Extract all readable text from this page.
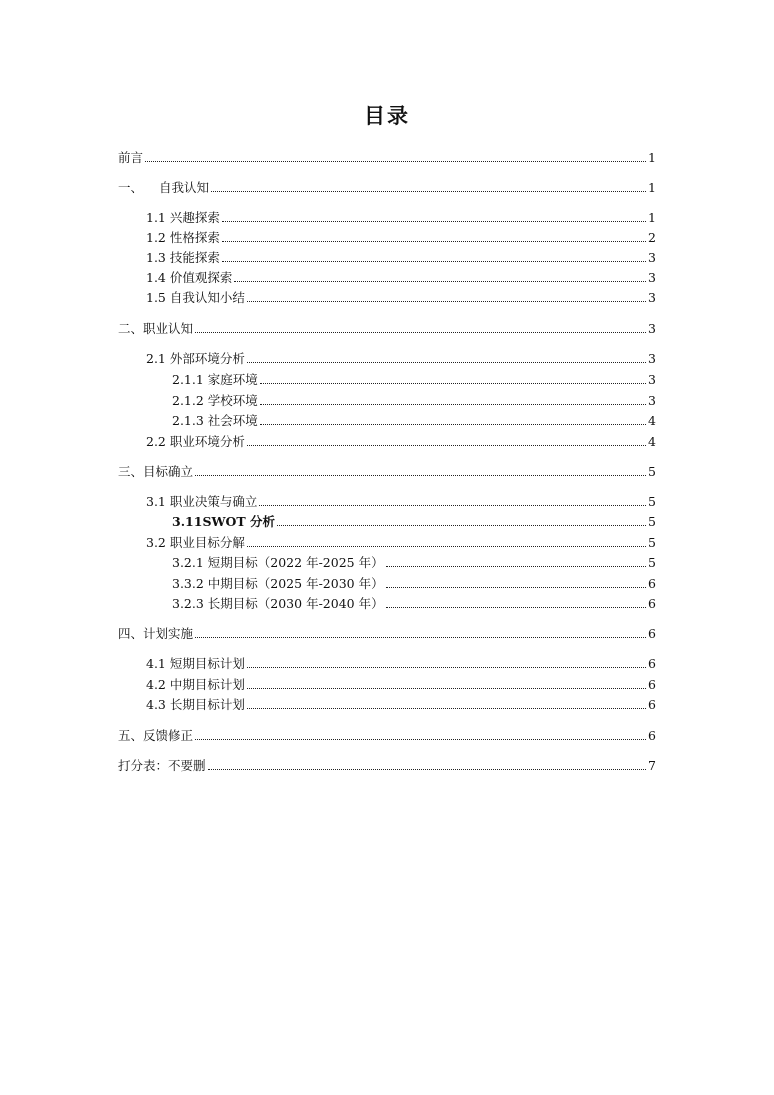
目录
前言	1
一、 自我认知	1
1.1 兴趣探索	1
1.2 性格探索	2
1.3 技能探索	3
1.4 价值观探索	3
1.5 自我认知小结	3
二、职业认知	3
2.1 外部环境分析	3
2.1.1 家庭环境	3
2.1.2 学校环境	3
2.1.3 社会环境	4
2.2 职业环境分析	4
三、目标确立	5
3.1 职业决策与确立	5
3.11SWOT 分析	5
3.2 职业目标分解	5
3.2.1 短期目标（2022 年-2025 年）	5
3.3.2 中期目标（2025 年-2030 年）	6
3.2.3 长期目标（2030 年-2040 年）	6
四、计划实施	6
4.1 短期目标计划	6
4.2 中期目标计划	6
4.3 长期目标计划	6
五、反馈修正	6
打分表：不要删	7
